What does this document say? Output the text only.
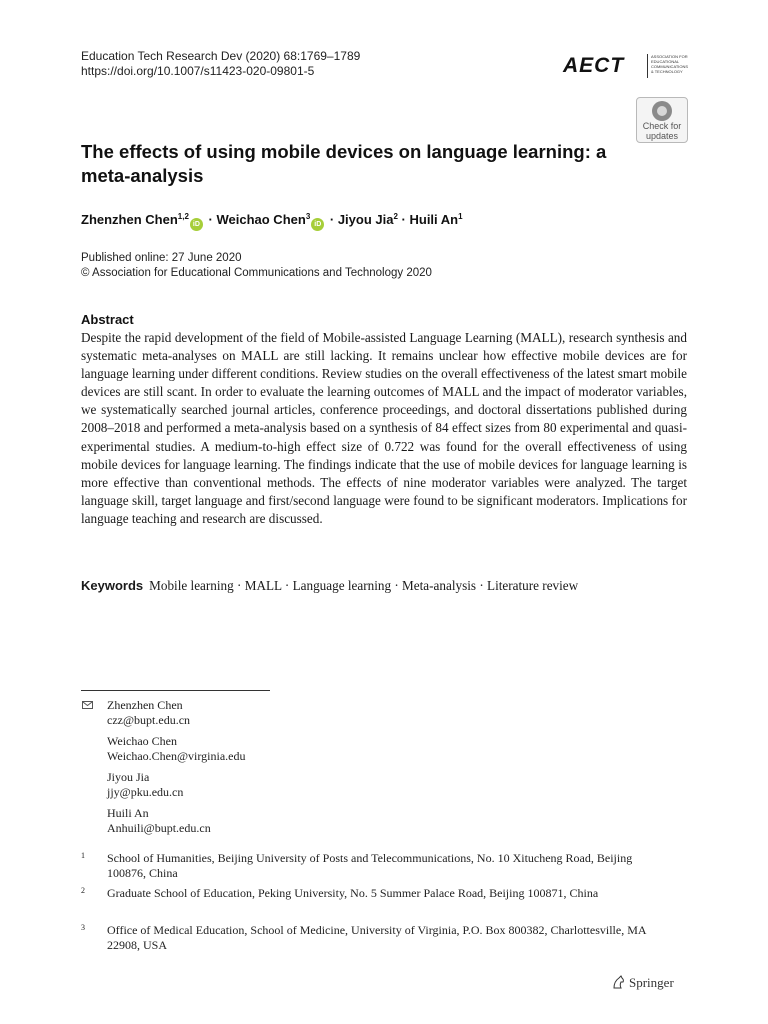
Education Tech Research Dev (2020) 68:1769–1789
https://doi.org/10.1007/s11423-020-09801-5	AECT	ASSOCIATION FOR EDUCATIONAL COMMUNICATIONS & TECHNOLOGY
Check for updates
The effects of using mobile devices on language learning: a meta-analysis
Zhenzhen Chen$^{1,2}$iD · Weichao Chen$^3$iD · Jiyou Jia$^2$ · Huili An$^1$
Published online: 27 June 2020
© Association for Educational Communications and Technology 2020
Abstract

Despite the rapid development of the field of Mobile-assisted Language Learning (MALL), research synthesis and systematic meta-analyses on MALL are still lacking. It remains unclear how effective mobile devices are for language learning under different conditions. Review studies on the overall effectiveness of the latest smart mobile devices are still scant. In order to evaluate the learning outcomes of MALL and the impact of moderator variables, we systematically searched journal articles, conference proceedings, and doctoral dissertations published during 2008–2018 and performed a meta-analysis based on a synthesis of 84 effect sizes from 80 experimental and quasi-experimental studies. A medium-to-high effect size of 0.722 was found for the overall effectiveness of using mobile devices for language learning. The findings indicate that the use of mobile devices for language learning is more effective than conventional methods. The effects of nine moderator variables were analyzed. The target language skill, target language and first/second language were found to be significant moderators. Implications for language teaching and research are discussed.

Keywords Mobile learning · MALL · Language learning · Meta-analysis · Literature review
Zhenzhen Chen
czz@bupt.edu.cn
Weichao Chen
Weichao.Chen@virginia.edu
Jiyou Jia
jjy@pku.edu.cn
Huili An
Anhuili@bupt.edu.cn
1 School of Humanities, Beijing University of Posts and Telecommunications, No. 10 Xitucheng Road, Beijing 100876, China
2 Graduate School of Education, Peking University, No. 5 Summer Palace Road, Beijing 100871, China
3 Office of Medical Education, School of Medicine, University of Virginia, P.O. Box 800382, Charlottesville, MA 22908, USA
Springer
